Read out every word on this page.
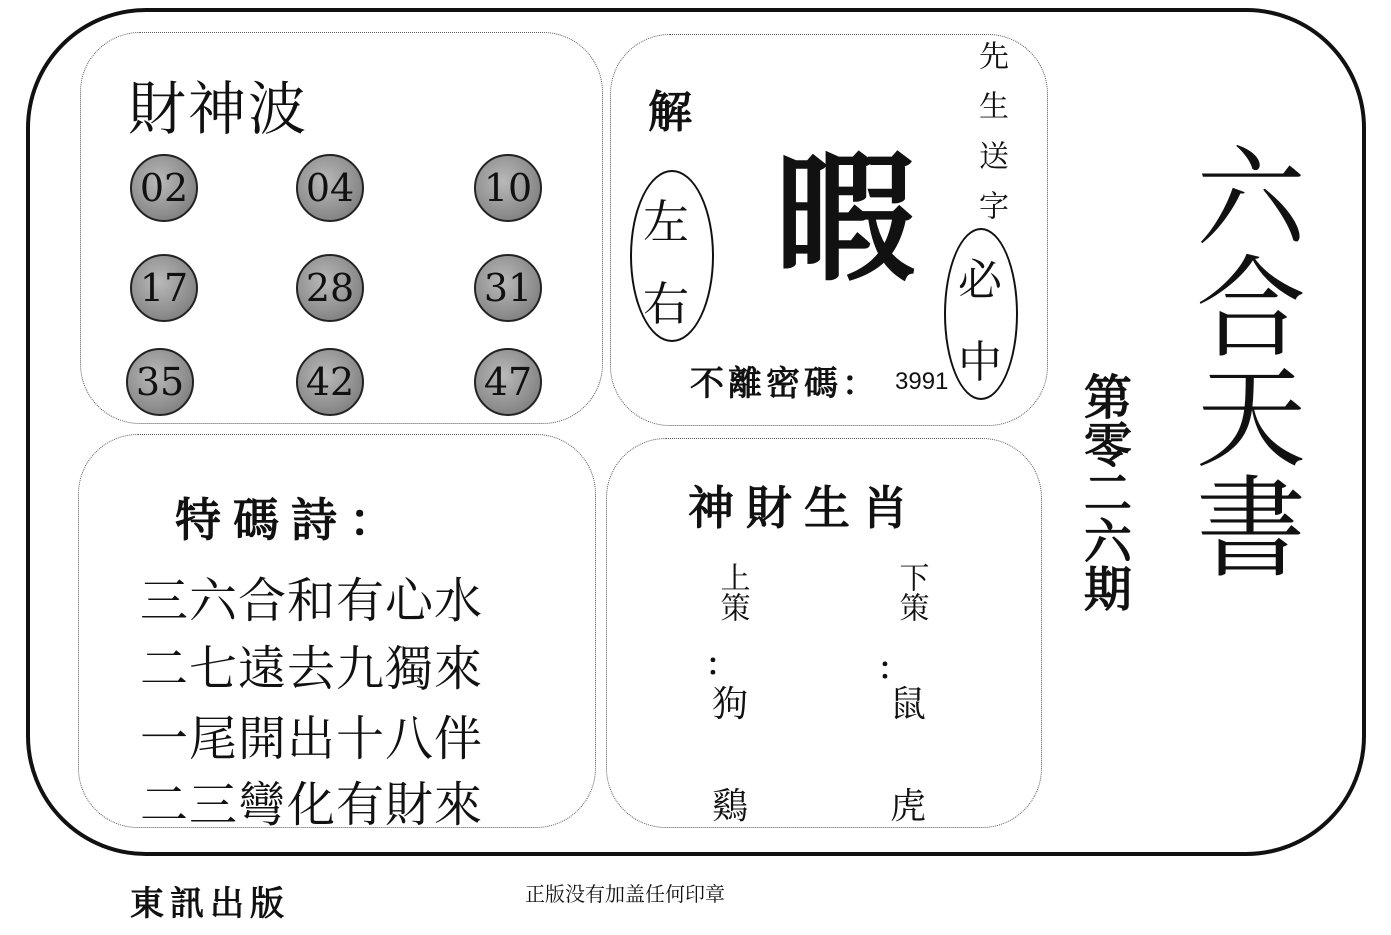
財神波
02	04	10
17	28	31
35	42	47
解
左
右
暇 先生送字
必
中
不離密碼： 3991
特碼詩：
三六合和有心水
二七遠去九獨來
一尾開出十八伴
二三彎化有財來
神財生肖
上策	下策
：	：
狗	鼠
鷄	虎
六合天書
第零二六期
東訊出版	正版没有加盖任何印章
